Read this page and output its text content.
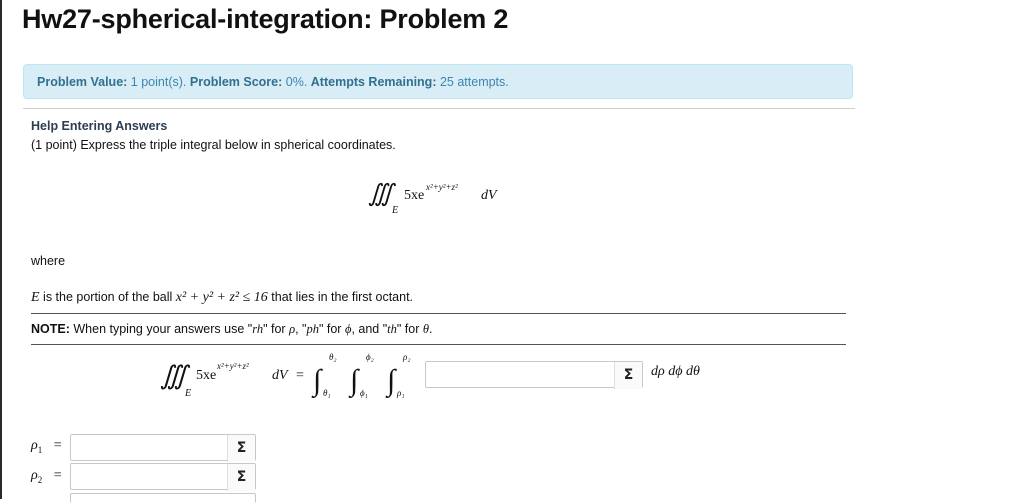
Hw27-spherical-integration: Problem 2
Problem Value: 1 point(s). Problem Score: 0%. Attempts Remaining: 25 attempts.
Help Entering Answers
(1 point) Express the triple integral below in spherical coordinates.
∭
E
5xe
x²+y²+z²
dV
where
E is the portion of the ball x² + y² + z² ≤ 16 that lies in the first octant.
NOTE: When typing your answers use "rh" for ρ, "ph" for ϕ, and "th" for θ.
∭
E
5xe
x²+y²+z²
dV = ∫
θ₂
θ₁ ∫
ϕ₂
ϕ₁ ∫
ρ₂
ρ₁
Σ	dρ dϕ dθ
$\rho_1$ =	Σ
$\rho_2$ =	Σ
